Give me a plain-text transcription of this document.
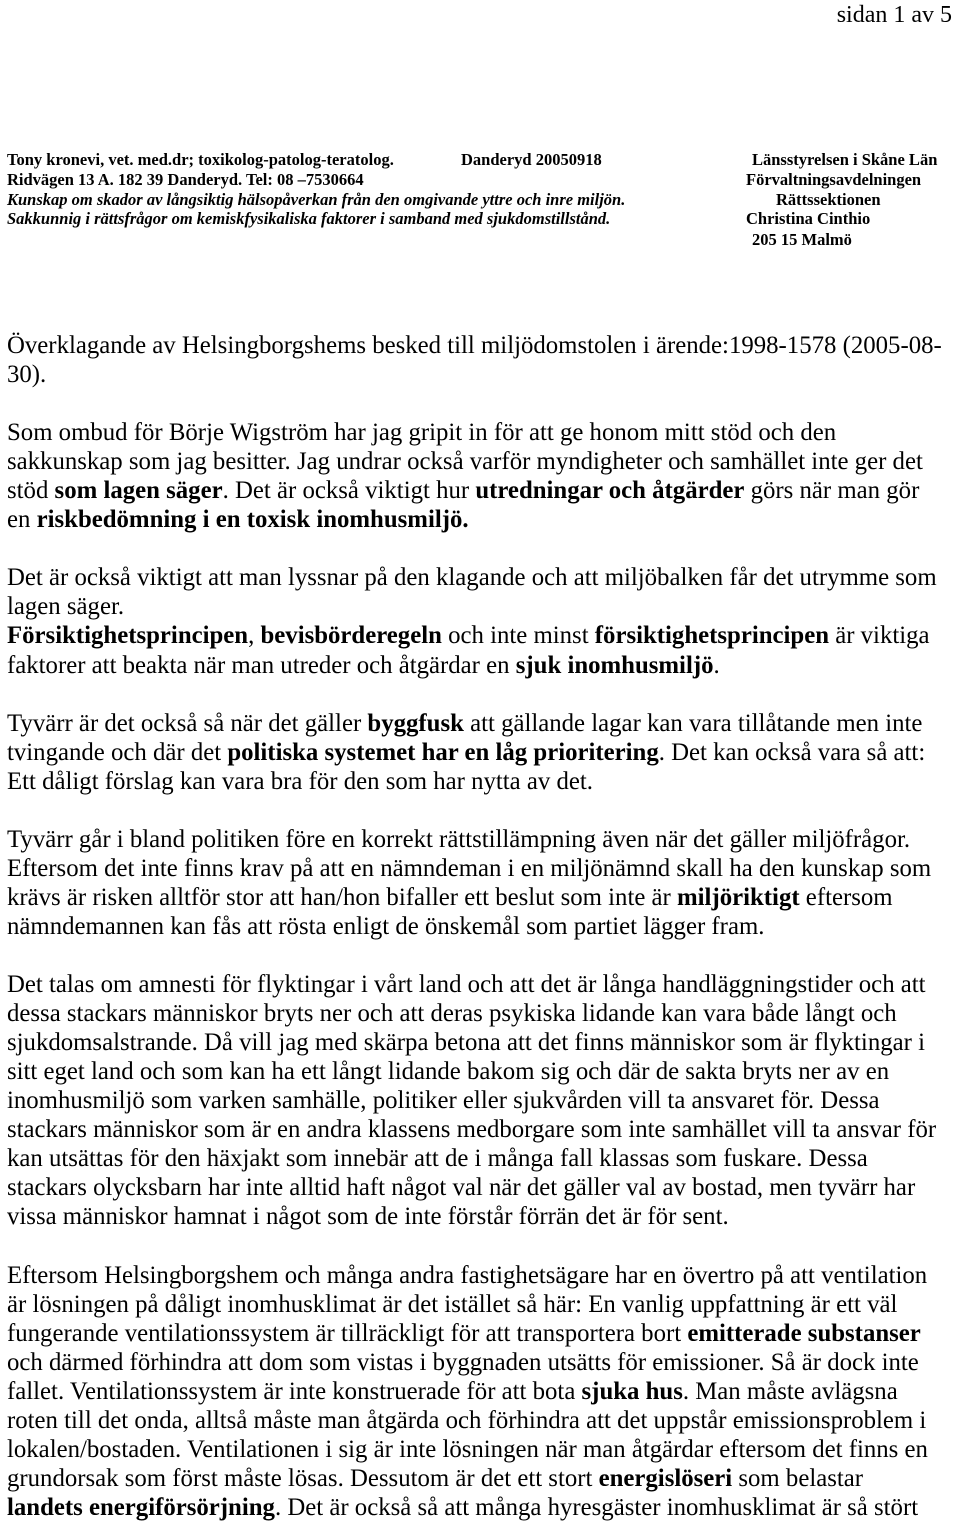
sidan 1 av 5
Tony kronevi, vet. med.dr; toxikolog-patolog-teratolog.
Ridvägen 13 A. 182 39 Danderyd. Tel: 08 –7530664
Kunskap om skador av långsiktig hälsopåverkan från den omgivande yttre och inre miljön.
Sakkunnig i rättsfrågor om kemiskfysikaliska faktorer i samband med sjukdomstillstånd.
Danderyd 20050918	Länsstyrelsen i Skåne Län
Förvaltningsavdelningen
Rättssektionen
Christina Cinthio
205 15 Malmö
Överklagande av Helsingborgshems besked till miljödomstolen i ärende:1998-1578 (2005-08-
30).
Som ombud för Börje Wigström har jag gripit in för att ge honom mitt stöd och den
sakkunskap som jag besitter. Jag undrar också varför myndigheter och samhället inte ger det
stöd som lagen säger. Det är också viktigt hur utredningar och åtgärder görs när man gör
en riskbedömning i en toxisk inomhusmiljö.
Det är också viktigt att man lyssnar på den klagande och att miljöbalken får det utrymme som
lagen säger.
Försiktighetsprincipen, bevisbörderegeln och inte minst försiktighetsprincipen är viktiga
faktorer att beakta när man utreder och åtgärdar en sjuk inomhusmiljö.
Tyvärr är det också så när det gäller byggfusk att gällande lagar kan vara tillåtande men inte
tvingande och där det politiska systemet har en låg prioritering. Det kan också vara så att:
Ett dåligt förslag kan vara bra för den som har nytta av det.
Tyvärr går i bland politiken före en korrekt rättstillämpning även när det gäller miljöfrågor.
Eftersom det inte finns krav på att en nämndeman i en miljönämnd skall ha den kunskap som
krävs är risken alltför stor att han/hon bifaller ett beslut som inte är miljöriktigt eftersom
nämndemannen kan fås att rösta enligt de önskemål som partiet lägger fram.
Det talas om amnesti för flyktingar i vårt land och att det är långa handläggningstider och att
dessa stackars människor bryts ner och att deras psykiska lidande kan vara både långt och
sjukdomsalstrande. Då vill jag med skärpa betona att det finns människor som är flyktingar i
sitt eget land och som kan ha ett långt lidande bakom sig och där de sakta bryts ner av en
inomhusmiljö som varken samhälle, politiker eller sjukvården vill ta ansvaret för. Dessa
stackars människor som är en andra klassens medborgare som inte samhället vill ta ansvar för
kan utsättas för den häxjakt som innebär att de i många fall klassas som fuskare. Dessa
stackars olycksbarn har inte alltid haft något val när det gäller val av bostad, men tyvärr har
vissa människor hamnat i något som de inte förstår förrän det är för sent.
Eftersom Helsingborgshem och många andra fastighetsägare har en övertro på att ventilation
är lösningen på dåligt inomhusklimat är det istället så här: En vanlig uppfattning är ett väl
fungerande ventilationssystem är tillräckligt för att transportera bort emitterade substanser
och därmed förhindra att dom som vistas i byggnaden utsätts för emissioner. Så är dock inte
fallet. Ventilationssystem är inte konstruerade för att bota sjuka hus. Man måste avlägsna
roten till det onda, alltså måste man åtgärda och förhindra att det uppstår emissionsproblem i
lokalen/bostaden. Ventilationen i sig är inte lösningen när man åtgärdar eftersom det finns en
grundorsak som först måste lösas. Dessutom är det ett stort energislöseri som belastar
landets energiförsörjning. Det är också så att många hyresgäster inomhusklimat är så stört
